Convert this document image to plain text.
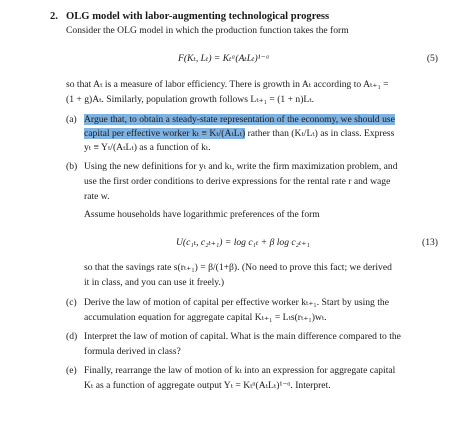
2. OLG model with labor-augmenting technological progress
Consider the OLG model in which the production function takes the form
F(Kₜ, Lₜ) = Kₜᵅ(AₜLₜ)¹⁻ᵅ	(5)
so that Aₜ is a measure of labor efficiency. There is growth in Aₜ according to Aₜ₊₁ =
(1 + g)Aₜ. Similarly, population growth follows Lₜ₊₁ = (1 + n)Lₜ.
(a) Argue that, to obtain a steady-state representation of the economy, we should use
capital per effective worker kₜ ≡ Kₜ/(AₜLₜ) rather than (Kₜ/Lₜ) as in class. Express
yₜ ≡ Yₜ/(AₜLₜ) as a function of kₜ.
(b) Using the new definitions for yₜ and kₜ, write the firm maximization problem, and
use the first order conditions to derive expressions for the rental rate r and wage
rate w.
Assume households have logarithmic preferences of the form
U(c₁ₜ, c₂ₜ₊₁) = log c₁ₜ + β log c₂ₜ₊₁	(13)
so that the savings rate s(rₜ₊₁) = β/(1+β). (No need to prove this fact; we derived
it in class, and you can use it freely.)
(c) Derive the law of motion of capital per effective worker kₜ₊₁. Start by using the
accumulation equation for aggregate capital Kₜ₊₁ = Lₜs(rₜ₊₁)wₜ.
(d) Interpret the law of motion of capital. What is the main difference compared to the
formula derived in class?
(e) Finally, rearrange the law of motion of kₜ into an expression for aggregate capital
Kₜ as a function of aggregate output Yₜ = Kₜᵅ(AₜLₜ)¹⁻ᵅ. Interpret.
